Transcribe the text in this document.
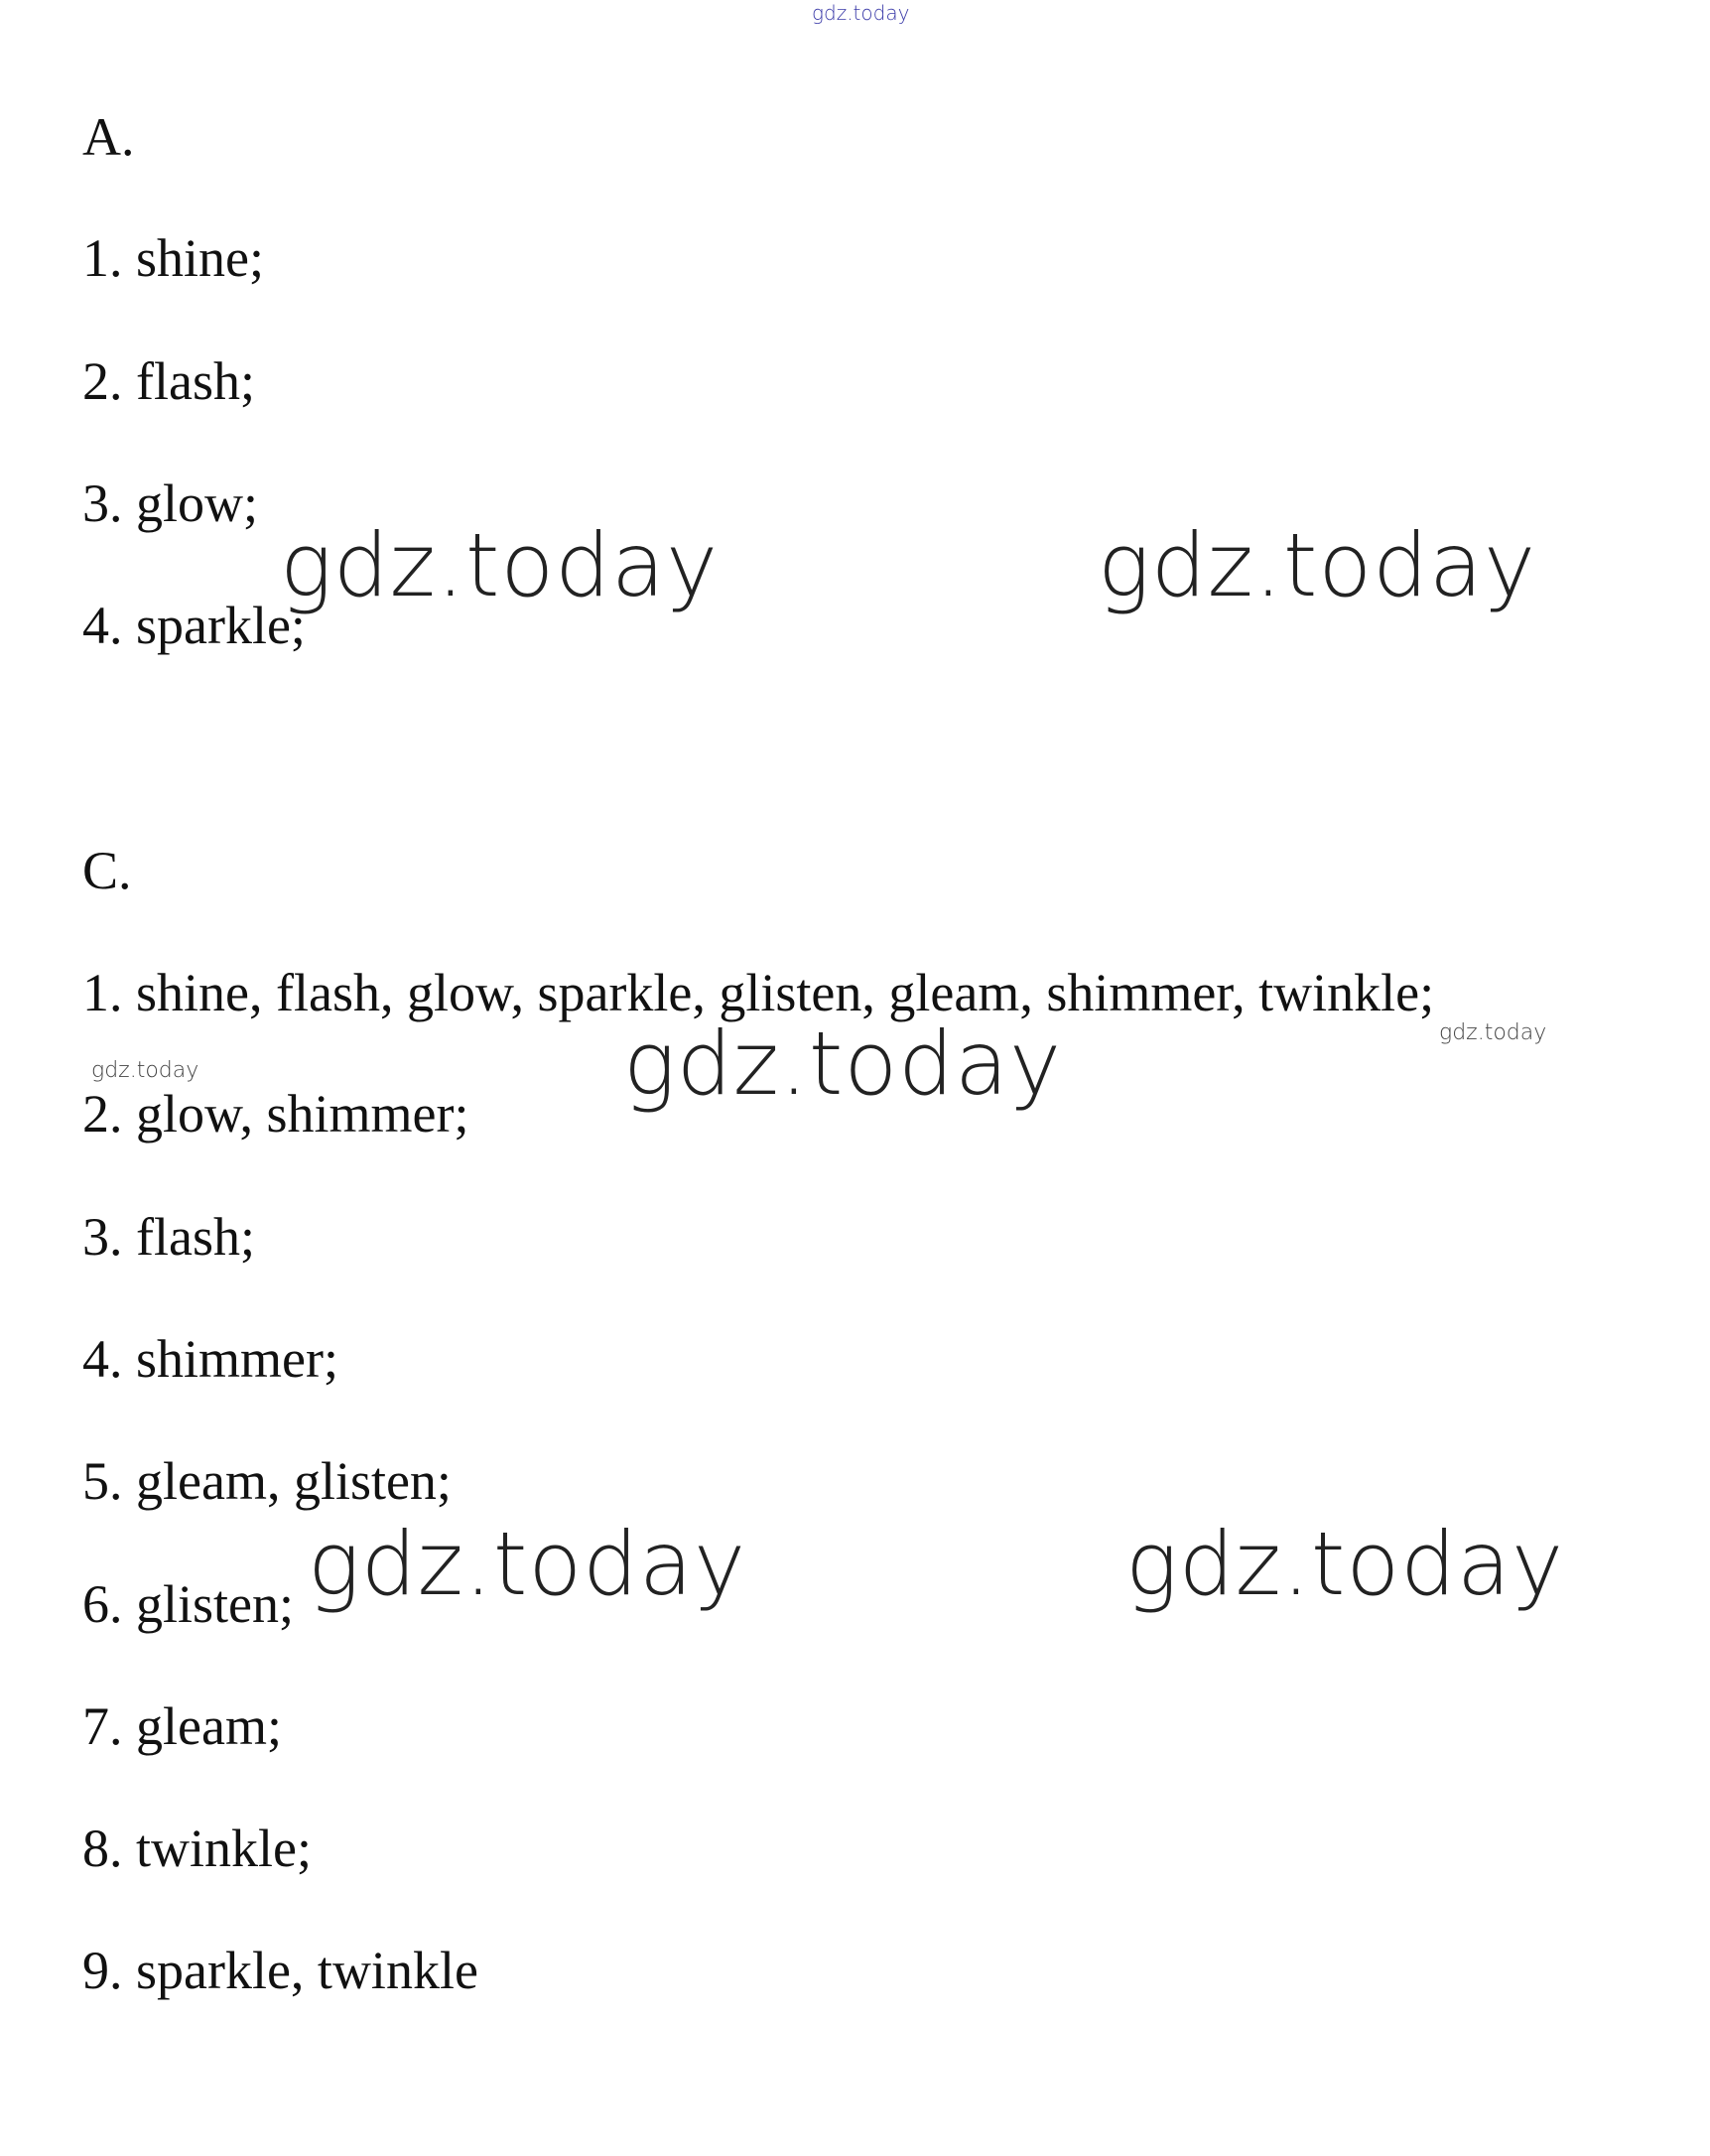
gdz.today
A.
1. shine;
2. flash;
3. glow;
4. sparkle;
C.
1. shine, flash, glow, sparkle, glisten, gleam, shimmer, twinkle;
2. glow, shimmer;
3. flash;
4. shimmer;
5. gleam, glisten;
6. glisten;
7. gleam;
8. twinkle;
9. sparkle, twinkle
gdz.today	gdz.today
gdz.today
gdz.today	gdz.today
gdz.today
gdz.today
